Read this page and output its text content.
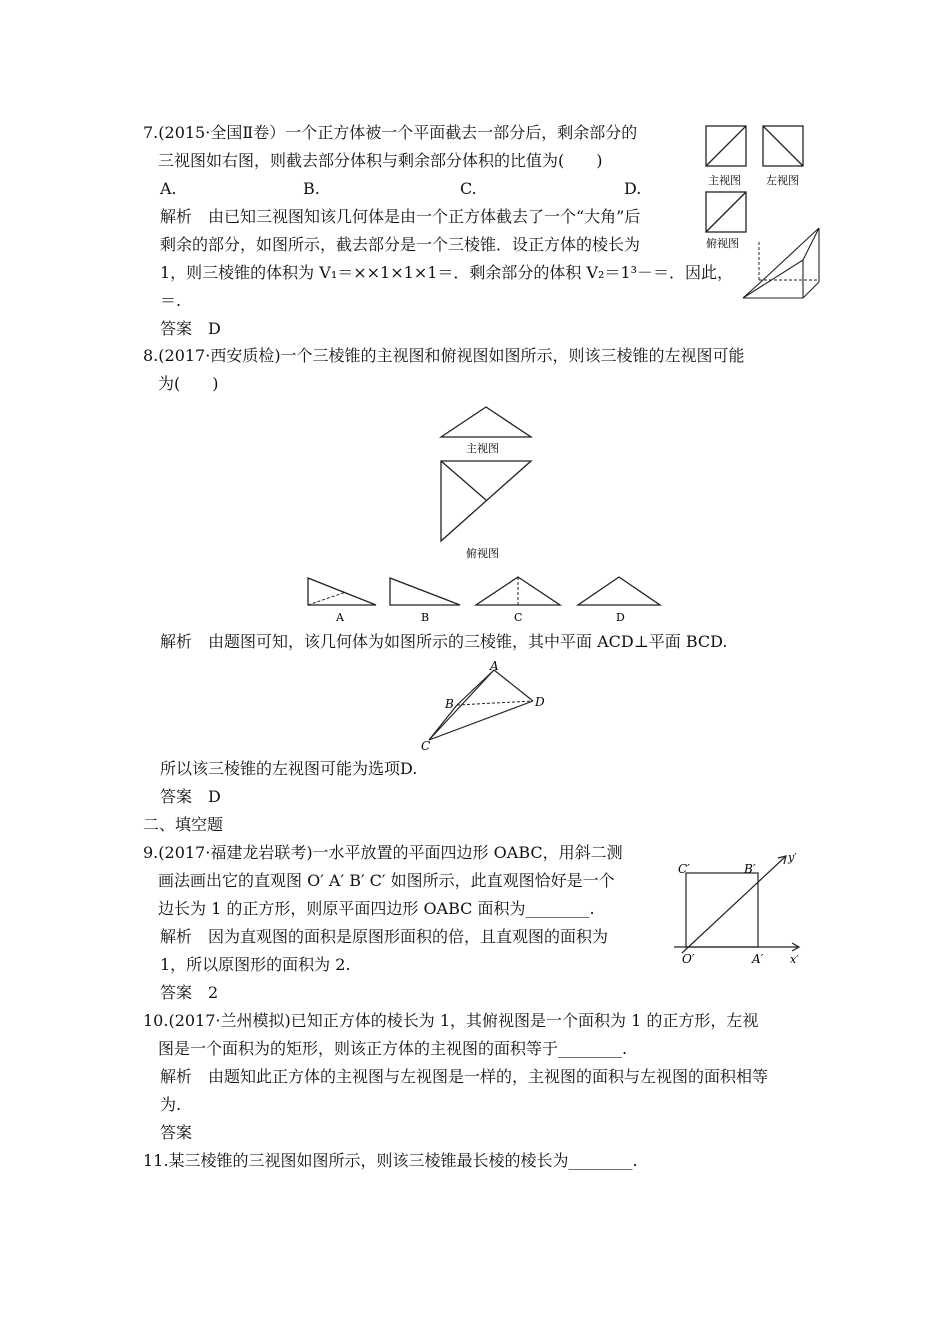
7.(2015·全国Ⅱ卷）一个正方体被一个平面截去一部分后，剩余部分的
三视图如右图，则截去部分体积与剩余部分体积的比值为(　　)
A.	B.	C.	D.
解析　由已知三视图知该几何体是由一个正方体截去了一个“大角”后
剩余的部分，如图所示，截去部分是一个三棱锥．设正方体的棱长为
1，则三棱锥的体积为 V₁＝××1×1×1＝．剩余部分的体积 V₂＝1³－＝．因此，
＝.
答案　D
主视图 左视图
俯视图
8.(2017·西安质检)一个三棱锥的主视图和俯视图如图所示，则该三棱锥的左视图可能
为(　　)
主视图
俯视图
A	B	C	D
解析　由题图可知，该几何体为如图所示的三棱锥，其中平面 ACD⊥平面 BCD.
A
B
C
D
所以该三棱锥的左视图可能为选项D.
答案　D
二、填空题
9.(2017·福建龙岩联考)一水平放置的平面四边形 OABC，用斜二测
画法画出它的直观图 O′ A′ B′ C′ 如图所示，此直观图恰好是一个
边长为 1 的正方形，则原平面四边形 OABC 面积为________.
解析　因为直观图的面积是原图形面积的倍，且直观图的面积为
1，所以原图形的面积为 2.
答案　2
C′	B′
O′	A′ x′
y′
10.(2017·兰州模拟)已知正方体的棱长为 1，其俯视图是一个面积为 1 的正方形，左视
图是一个面积为的矩形，则该正方体的主视图的面积等于________.
解析　由题知此正方体的主视图与左视图是一样的，主视图的面积与左视图的面积相等
为.
答案
11.某三棱锥的三视图如图所示，则该三棱锥最长棱的棱长为________.
